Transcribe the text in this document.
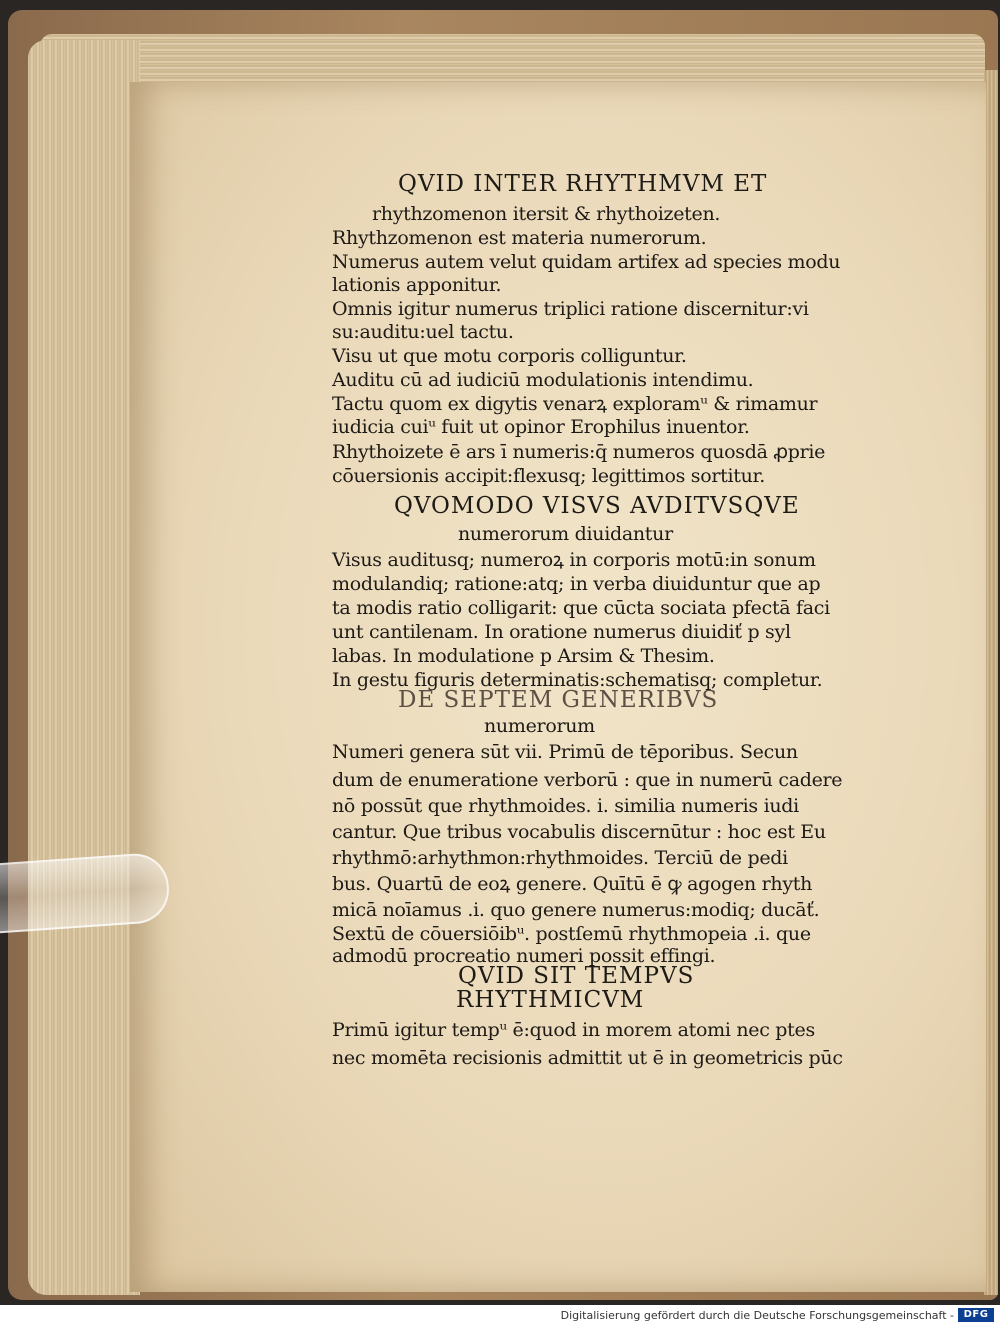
QVID INTER RHYTHMVM ET
rhythzomenon itersit & rhythoizeten.
Rhythzomenon est materia numerorum.
Numerus autem velut quidam artifex ad species modu
lationis apponitur.
Omnis igitur numerus triplici ratione discernitur:vi
su:auditu:uel tactu.
Visu ut que motu corporis colliguntur.
Auditu cū ad iudiciū modulationis intendimu.
Tactu quom ex digytis venarꝝ exploramᵘ & rimamur
iudicia cuiᵘ fuit ut opinor Erophilus inuentor.
Rhythoizete ē ars ī numeris:q̄ numeros quosdā ꝓprie
cōuersionis accipit:flexusq; legittimos sortitur.
QVOMODO VISVS AVDITVSQVE
numerorum diuidantur
Visus auditusq; numeroꝝ in corporis motū:in sonum
modulandiq; ratione:atq; in verba diuiduntur que ap
ta modis ratio colligarit: que cūcta sociata pfectā faci
unt cantilenam. In oratione numerus diuidiť p syl
labas. In modulatione p Arsim & Thesim.
In gestu figuris determinatis:schematisq; completur.
DE SEPTEM GENERIBVS
numerorum
Numeri genera sūt vii. Primū de tēporibus. Secun
dum de enumeratione verborū : que in numerū cadere
nō possūt que rhythmoides. i. similia numeris iudi
cantur. Que tribus vocabulis discernūtur : hoc est Eu
rhythmō:arhythmon:rhythmoides. Terciū de pedi
bus. Quartū de eoꝝ genere. Quītū ē ꝙ agogen rhyth
micā noīamus .i. quo genere numerus:modiq; ducāť.
Sextū de cōuersiōibᵘ. postſemū rhythmopeia .i. que
admodū procreatio numeri possit effingi.
QVID SIT TEMPVS
RHYTHMICVM
Primū igitur tempᵘ ē:quod in morem atomi nec ptes
nec momēta recisionis admittit ut ē in geometricis pūc
Digitalisierung gefördert durch die Deutsche Forschungsgemeinschaft - DFG
